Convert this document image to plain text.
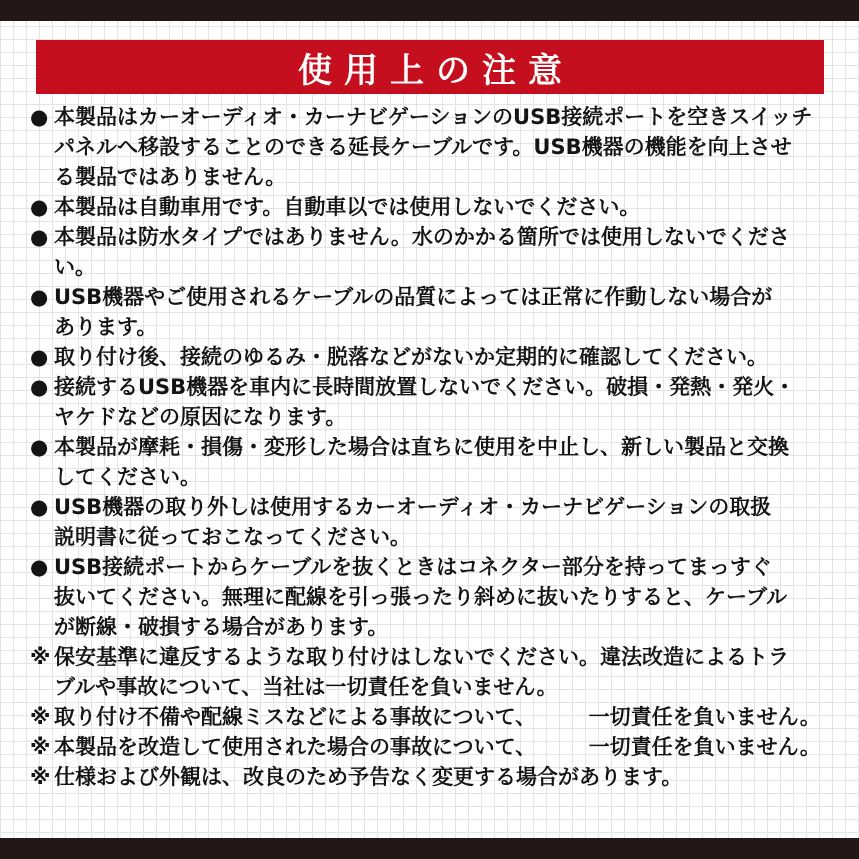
使用上の注意
● 本製品はカーオーディオ・カーナビゲーションのUSB接続ポートを空きスイッチ
パネルへ移設することのできる延長ケーブルです。USB機器の機能を向上させ
る製品ではありません。
● 本製品は自動車用です。自動車以では使用しないでください。
● 本製品は防水タイプではありません。水のかかる箇所では使用しないでくださ
い。
● USB機器やご使用されるケーブルの品質によっては正常に作動しない場合が
あります。
● 取り付け後、接続のゆるみ・脱落などがないか定期的に確認してください。
● 接続するUSB機器を車内に長時間放置しないでください。破損・発熱・発火・
ヤケドなどの原因になります。
● 本製品が摩耗・損傷・変形した場合は直ちに使用を中止し、新しい製品と交換
してください。
● USB機器の取り外しは使用するカーオーディオ・カーナビゲーションの取扱
説明書に従っておこなってください。
● USB接続ポートからケーブルを抜くときはコネクター部分を持ってまっすぐ
抜いてください。無理に配線を引っ張ったり斜めに抜いたりすると、ケーブル
が断線・破損する場合があります。
※ 保安基準に違反するような取り付けはしないでください。違法改造によるトラ
ブルや事故について、当社は一切責任を負いません。
※ 取り付け不備や配線ミスなどによる事故について、　　　一切責任を負いません。
※ 本製品を改造して使用された場合の事故について、　　　一切責任を負いません。
※ 仕様および外観は、改良のため予告なく変更する場合があります。
